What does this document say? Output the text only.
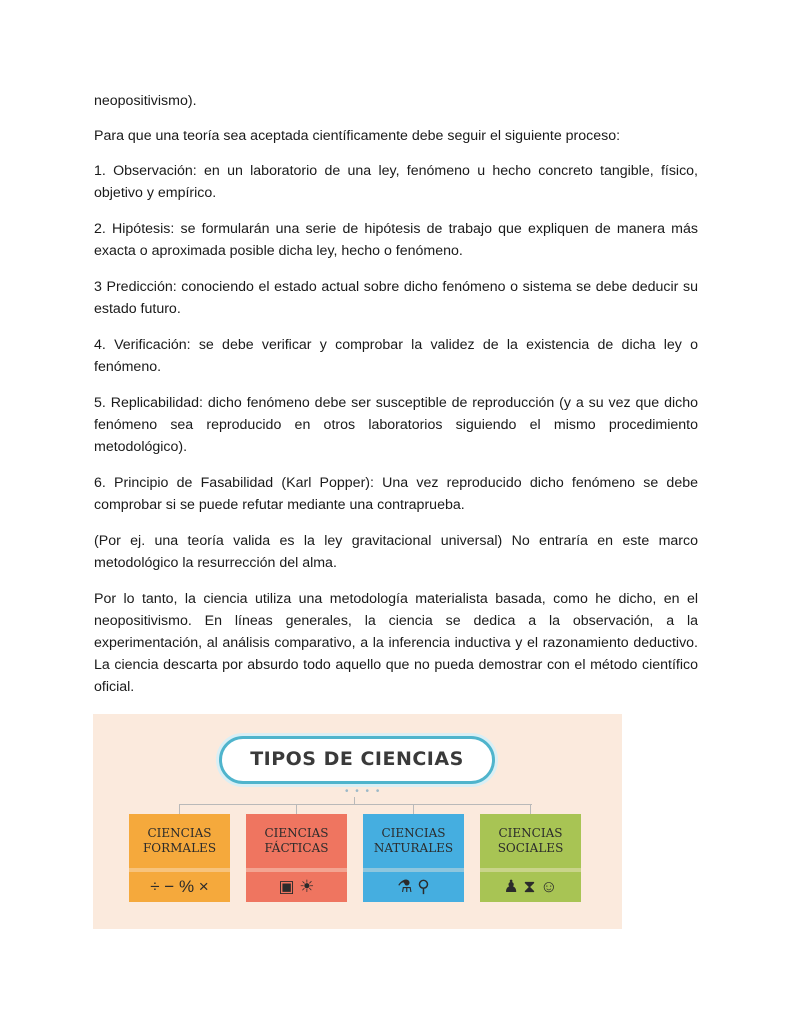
neopositivismo).

Para que una teoría sea aceptada científicamente debe seguir el siguiente proceso:

1. Observación: en un laboratorio de una ley, fenómeno u hecho concreto tangible, físico, objetivo y empírico.

2. Hipótesis: se formularán una serie de hipótesis de trabajo que expliquen de manera más exacta o aproximada posible dicha ley, hecho o fenómeno.

3 Predicción: conociendo el estado actual sobre dicho fenómeno o sistema se debe deducir su estado futuro.

4. Verificación: se debe verificar y comprobar la validez de la existencia de dicha ley o fenómeno.

5. Replicabilidad: dicho fenómeno debe ser susceptible de reproducción (y a su vez que dicho fenómeno sea reproducido en otros laboratorios siguiendo el mismo procedimiento metodológico).

6. Principio de Fasabilidad (Karl Popper): Una vez reproducido dicho fenómeno se debe comprobar si se puede refutar mediante una contraprueba.

(Por ej. una teoría valida es la ley gravitacional universal) No entraría en este marco metodológico la resurrección del alma.

Por lo tanto, la ciencia utiliza una metodología materialista basada, como he dicho, en el neopositivismo. En líneas generales, la ciencia se dedica a la observación, a la experimentación, al análisis comparativo, a la inferencia inductiva y el razonamiento deductivo. La ciencia descarta por absurdo todo aquello que no pueda demostrar con el método científico oficial.

TIPOS DE CIENCIAS
• • • •
CIENCIAS
FORMALES
÷ − % ×
CIENCIAS
FÁCTICAS
▣ ☀
CIENCIAS
NATURALES
⚗ ⚲
CIENCIAS
SOCIALES
♟ ⧗ ☺
